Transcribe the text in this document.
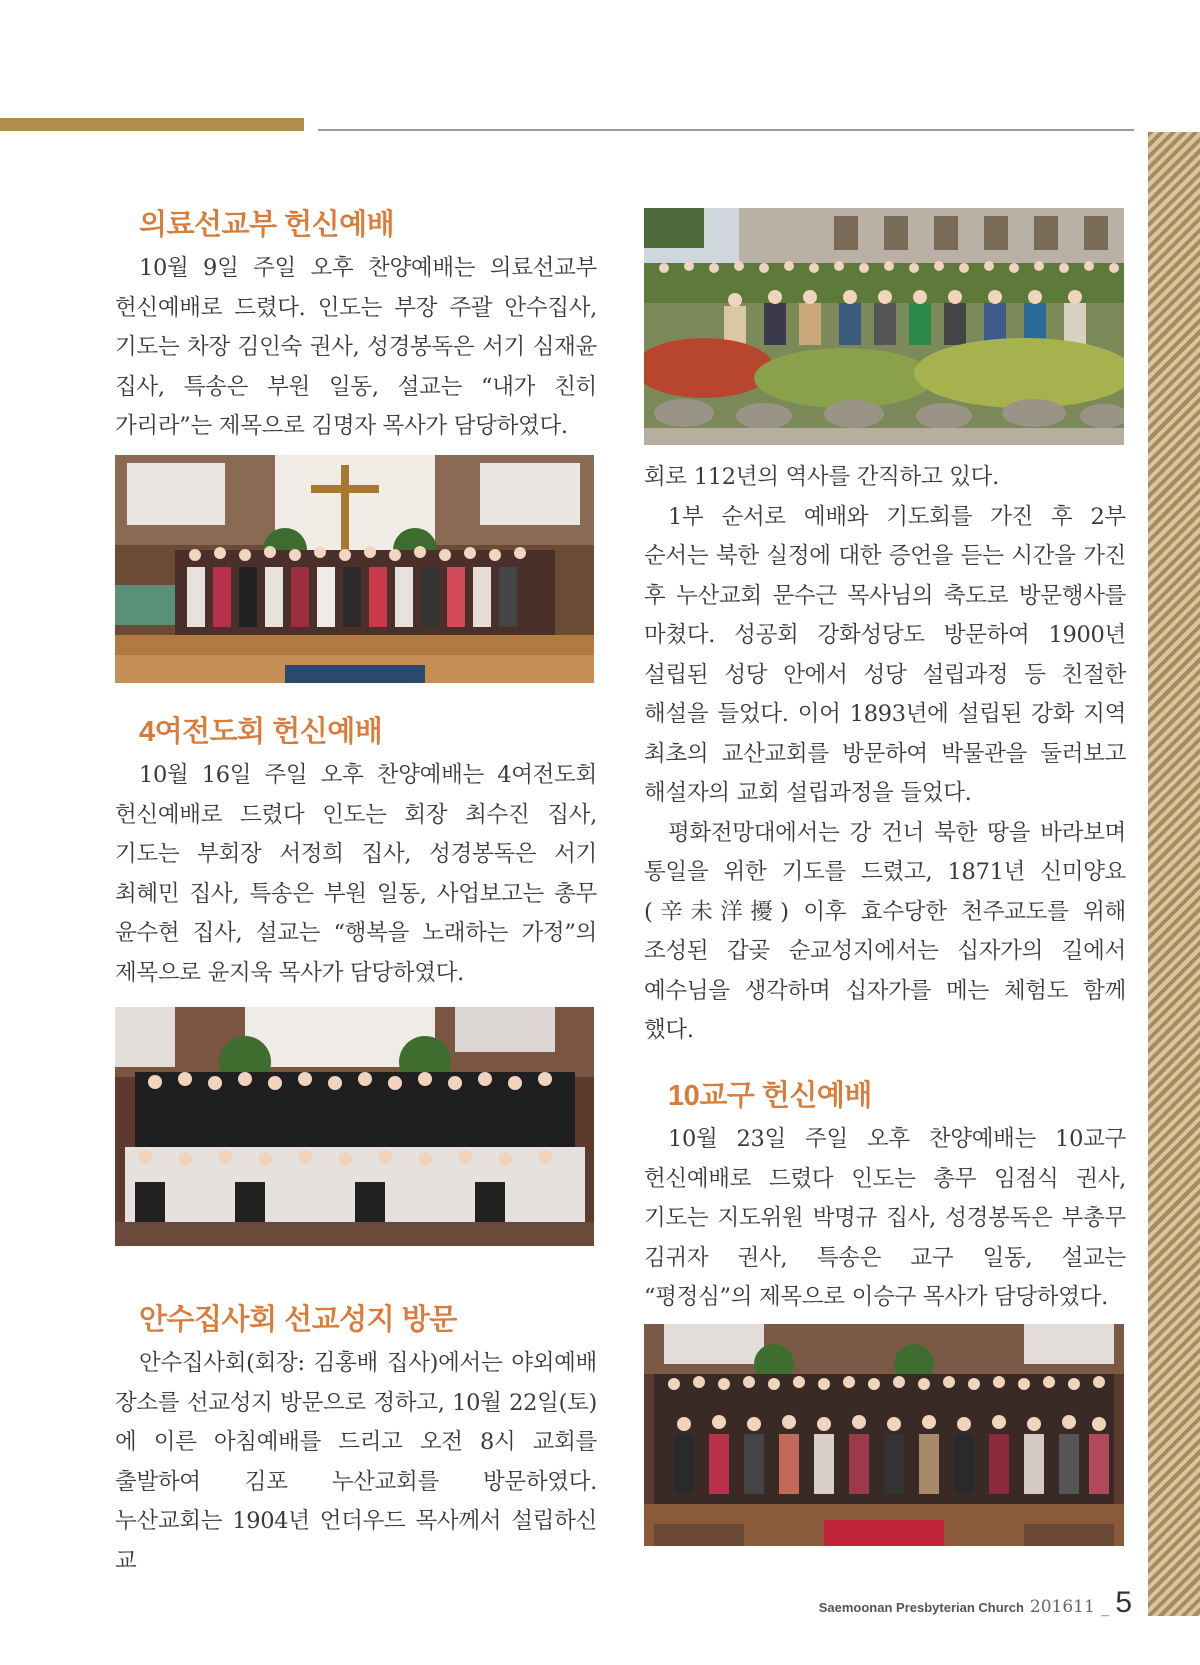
의료선교부 헌신예배

10월 9일 주일 오후 찬양예배는 의료선교부 헌신예배로 드렸다. 인도는 부장 주괄 안수집사, 기도는 차장 김인숙 권사, 성경봉독은 서기 심재윤 집사, 특송은 부원 일동, 설교는 “내가 친히 가리라”는 제목으로 김명자 목사가 담당하였다.

4여전도회 헌신예배

10월 16일 주일 오후 찬양예배는 4여전도회 헌신예배로 드렸다 인도는 회장 최수진 집사, 기도는 부회장 서정희 집사, 성경봉독은 서기 최혜민 집사, 특송은 부원 일동, 사업보고는 총무 윤수현 집사, 설교는 “행복을 노래하는 가정”의 제목으로 윤지욱 목사가 담당하였다.

안수집사회 선교성지 방문

안수집사회(회장: 김홍배 집사)에서는 야외예배 장소를 선교성지 방문으로 정하고, 10월 22일(토)에 이른 아침예배를 드리고 오전 8시 교회를 출발하여 김포 누산교회를 방문하였다. 누산교회는 1904년 언더우드 목사께서 설립하신 교

회로 112년의 역사를 간직하고 있다.

1부 순서로 예배와 기도회를 가진 후 2부 순서는 북한 실정에 대한 증언을 듣는 시간을 가진 후 누산교회 문수근 목사님의 축도로 방문행사를 마쳤다. 성공회 강화성당도 방문하여 1900년 설립된 성당 안에서 성당 설립과정 등 친절한 해설을 들었다. 이어 1893년에 설립된 강화 지역 최초의 교산교회를 방문하여 박물관을 둘러보고 해설자의 교회 설립과정을 들었다.

평화전망대에서는 강 건너 북한 땅을 바라보며 통일을 위한 기도를 드렸고, 1871년 신미양요(辛未洋擾) 이후 효수당한 천주교도를 위해 조성된 갑곶 순교성지에서는 십자가의 길에서 예수님을 생각하며 십자가를 메는 체험도 함께 했다.

10교구 헌신예배

10월 23일 주일 오후 찬양예배는 10교구 헌신예배로 드렸다 인도는 총무 임점식 권사, 기도는 지도위원 박명규 집사, 성경봉독은 부총무 김귀자 권사, 특송은 교구 일동, 설교는 “평정심”의 제목으로 이승구 목사가 담당하였다.

Saemoonan Presbyterian Church 201611 _ 5
